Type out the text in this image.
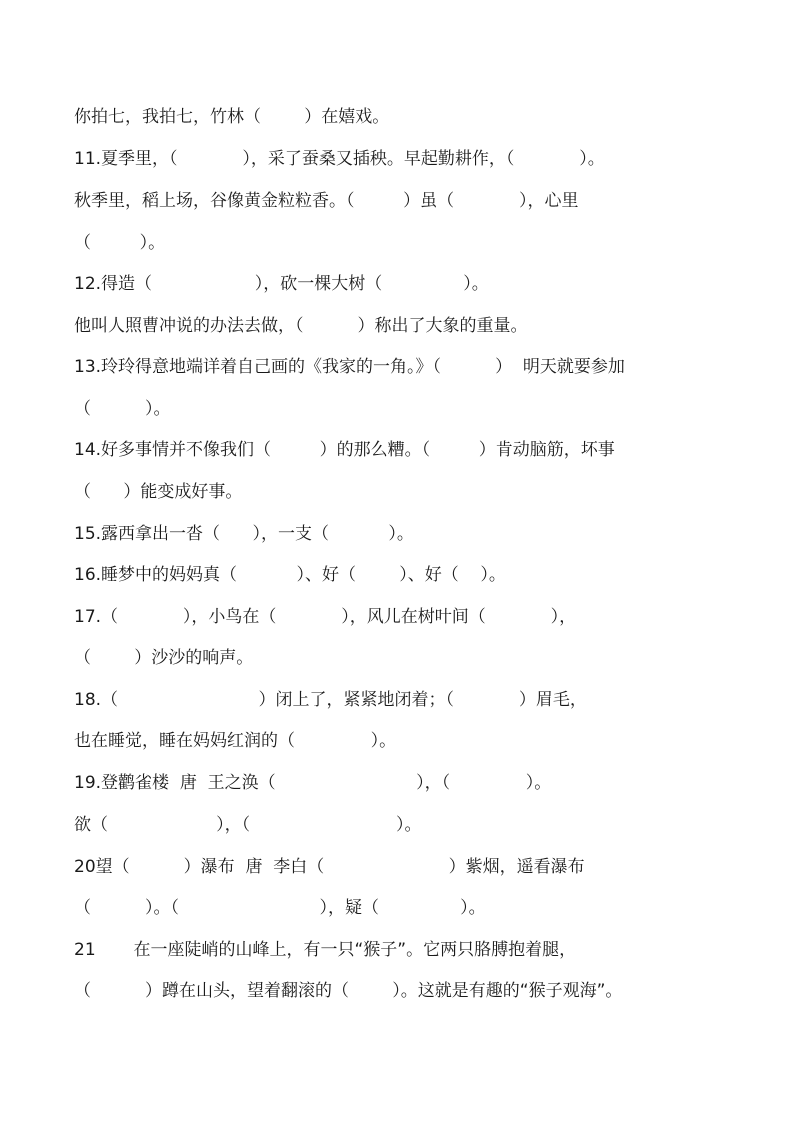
你拍七，我拍七，竹林（        ）在嬉戏。
11.夏季里，（            ），采了蚕桑又插秧。早起勤耕作，（            ）。
秋季里，稻上场，谷像黄金粒粒香。（         ）虽（            ），心里
（         ）。
12.得造（                   ），砍一棵大树（               ）。
他叫人照曹冲说的办法去做，（          ）称出了大象的重量。
13.玲玲得意地端详着自己画的《我家的一角。》（          ）  明天就要参加
（          ）。
14.好多事情并不像我们（         ）的那么糟。（         ）肯动脑筋，坏事
（      ）能变成好事。
15.露西拿出一沓（      ），一支（           ）。
16.睡梦中的妈妈真（           ）、好（        ）、好（    ）。
17.（            ），小鸟在（            ），风儿在树叶间（            ），
（        ）沙沙的响声。
18.（                          ）闭上了，紧紧地闭着；（            ）眉毛，
也在睡觉，睡在妈妈红润的（              ）。
19.登鹳雀楼  唐  王之涣（                          ），（              ）。
欲（                    ），（                           ）。
20望（          ）瀑布  唐  李白（                       ）紫烟，遥看瀑布
（          ）。（                          ），疑（               ）。
21       在一座陡峭的山峰上，有一只“猴子”。它两只胳膊抱着腿，
（          ）蹲在山头，望着翻滚的（        ）。这就是有趣的“猴子观海”。
